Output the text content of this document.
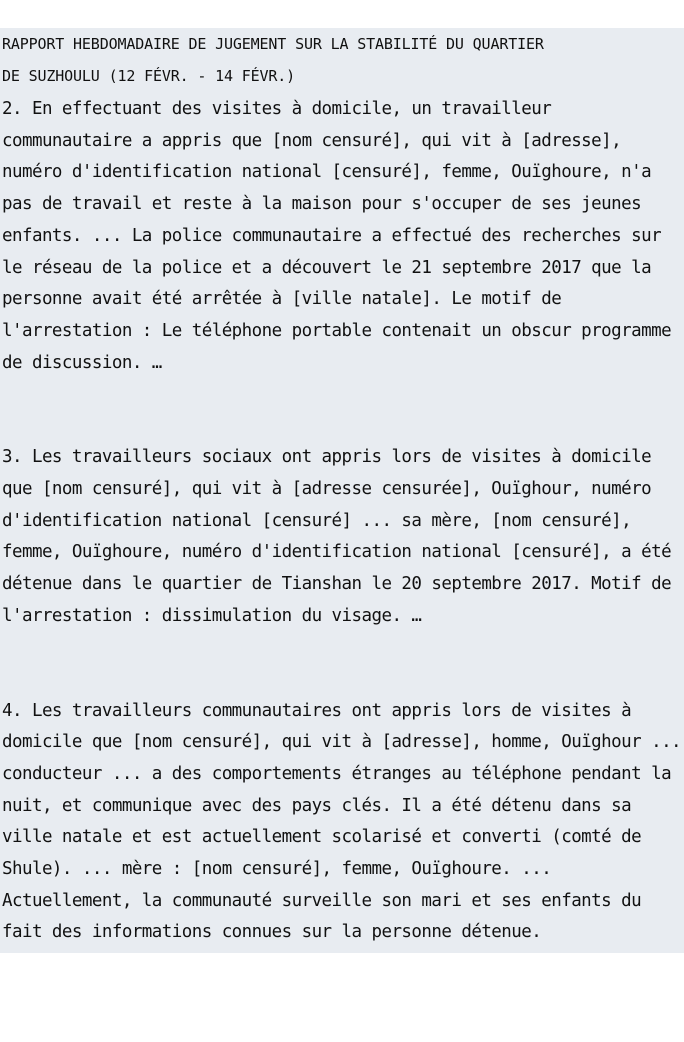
RAPPORT HEBDOMADAIRE DE JUGEMENT SUR LA STABILITÉ DU QUARTIER
DE SUZHOULU (12 FÉVR. - 14 FÉVR.)

2. En effectuant des visites à domicile, un travailleur communautaire a appris que [nom censuré], qui vit à [adresse], numéro d'identification national [censuré], femme, Ouïghoure, n'a pas de travail et reste à la maison pour s'occuper de ses jeunes enfants. ... La police communautaire a effectué des recherches sur le réseau de la police et a découvert le 21 septembre 2017 que la personne avait été arrêtée à [ville natale]. Le motif de l'arrestation : Le téléphone portable contenait un obscur programme de discussion. …

3. Les travailleurs sociaux ont appris lors de visites à domicile que [nom censuré], qui vit à [adresse censurée], Ouïghour, numéro d'identification national [censuré] ... sa mère, [nom censuré], femme, Ouïghoure, numéro d'identification national [censuré], a été détenue dans le quartier de Tianshan le 20 septembre 2017. Motif de l'arrestation : dissimulation du visage. …

4. Les travailleurs communautaires ont appris lors de visites à domicile que [nom censuré], qui vit à [adresse], homme, Ouïghour ... conducteur ... a des comportements étranges au téléphone pendant la nuit, et communique avec des pays clés. Il a été détenu dans sa ville natale et est actuellement scolarisé et converti (comté de Shule). ... mère : [nom censuré], femme, Ouïghoure. ... Actuellement, la communauté surveille son mari et ses enfants du fait des informations connues sur la personne détenue.
